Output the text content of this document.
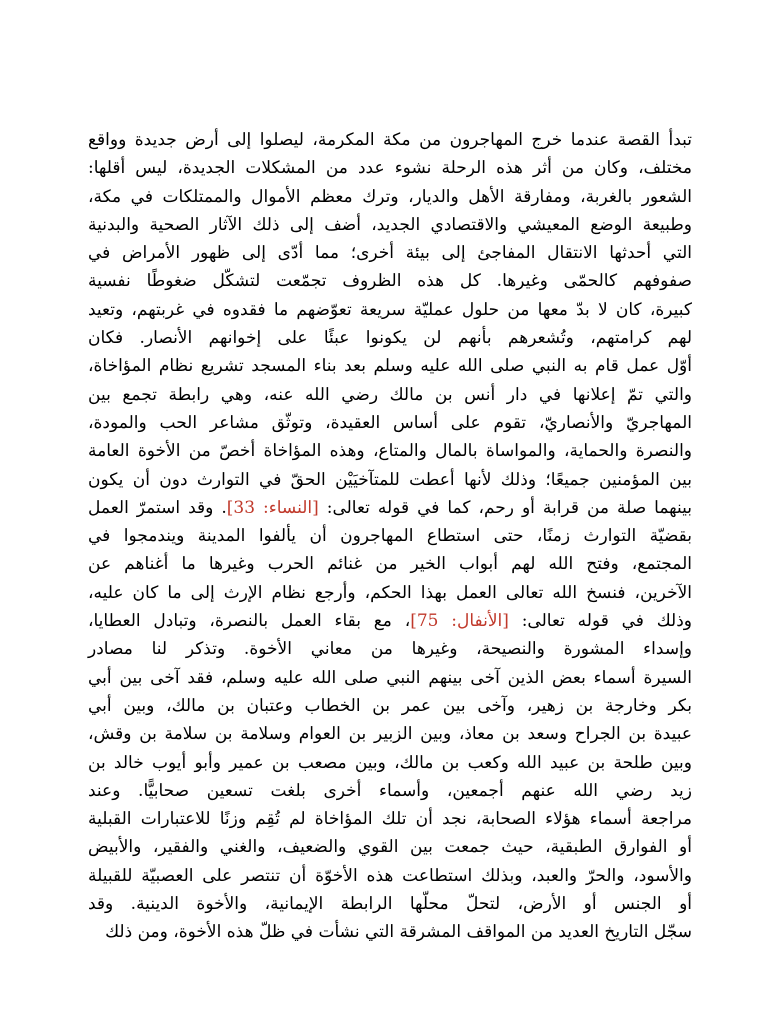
تبدأ القصة عندما خرج المهاجرون من مكة المكرمة، ليصلوا إلى أرض جديدة وواقع
مختلف، وكان من أثر هذه الرحلة نشوء عدد من المشكلات الجديدة، ليس أقلها:
الشعور بالغربة، ومفارقة الأهل والديار، وترك معظم الأموال والممتلكات في مكة،
وطبيعة الوضع المعيشي والاقتصادي الجديد، أضف إلى ذلك الآثار الصحية والبدنية
التي أحدثها الانتقال المفاجئ إلى بيئة أخرى؛ مما أدّى إلى ظهور الأمراض في
صفوفهم كالحمّى وغيرها. كل هذه الظروف تجمّعت لتشكّل ضغوطًا نفسية
كبيرة، كان لا بدّ معها من حلول عمليّة سريعة تعوّضهم ما فقدوه في غربتهم، وتعيد
لهم كرامتهم، وتُشعرهم بأنهم لن يكونوا عبئًا على إخوانهم الأنصار. فكان
أوّل عمل قام به النبي صلى الله عليه وسلم بعد بناء المسجد تشريع نظام المؤاخاة،
والتي تمّ إعلانها في دار أنس بن مالك رضي الله عنه، وهي رابطة تجمع بين
المهاجريّ والأنصاريّ، تقوم على أساس العقيدة، وتوثّق مشاعر الحب والمودة،
والنصرة والحماية، والمواساة بالمال والمتاع، وهذه المؤاخاة أخصّ من الأخوة العامة
بين المؤمنين جميعًا؛ وذلك لأنها أعطت للمتآخيَيْن الحقّ في التوارث دون أن يكون
بينهما صلة من قرابة أو رحم، كما في قوله تعالى: [النساء: 33]. وقد استمرّ العمل
بقضيّة التوارث زمنًا، حتى استطاع المهاجرون أن يألفوا المدينة ويندمجوا في
المجتمع، وفتح الله لهم أبواب الخير من غنائم الحرب وغيرها ما أغناهم عن
الآخرين، فنسخ الله تعالى العمل بهذا الحكم، وأرجع نظام الإرث إلى ما كان عليه،
وذلك في قوله تعالى: [الأنفال: 75]، مع بقاء العمل بالنصرة، وتبادل العطايا،
وإسداء المشورة والنصيحة، وغيرها من معاني الأخوة. وتذكر لنا مصادر
السيرة أسماء بعض الذين آخى بينهم النبي صلى الله عليه وسلم، فقد آخى بين أبي
بكر وخارجة بن زهير، وآخى بين عمر بن الخطاب وعتبان بن مالك، وبين أبي
عبيدة بن الجراح وسعد بن معاذ، وبين الزبير بن العوام وسلامة بن سلامة بن وقش،
وبين طلحة بن عبيد الله وكعب بن مالك، وبين مصعب بن عمير وأبو أيوب خالد بن
زيد رضي الله عنهم أجمعين، وأسماء أخرى بلغت تسعين صحابيًّا. وعند
مراجعة أسماء هؤلاء الصحابة، نجد أن تلك المؤاخاة لم تُقِم وزنًا للاعتبارات القبلية
أو الفوارق الطبقية، حيث جمعت بين القوي والضعيف، والغني والفقير، والأبيض
والأسود، والحرّ والعبد، وبذلك استطاعت هذه الأخوّة أن تنتصر على العصبيّة للقبيلة
أو الجنس أو الأرض، لتحلّ محلّها الرابطة الإيمانية، والأخوة الدينية. وقد
سجّل التاريخ العديد من المواقف المشرقة التي نشأت في ظلّ هذه الأخوة، ومن ذلك
